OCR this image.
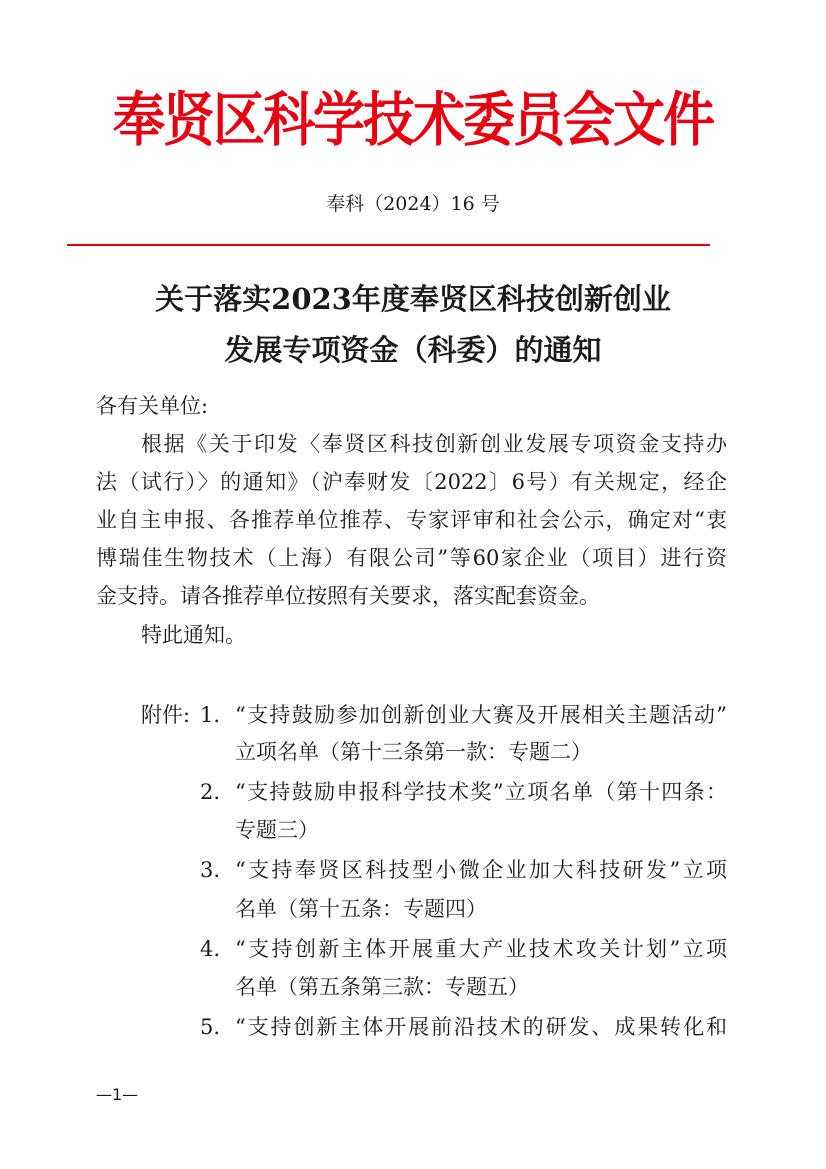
奉贤区科学技术委员会文件
奉科（2024）16 号
关于落实2023年度奉贤区科技创新创业
发展专项资金（科委）的通知
各有关单位:
根据《关于印发〈奉贤区科技创新创业发展专项资金支持办
法（试行）〉的通知》（沪奉财发〔2022〕6号）有关规定，经企
业自主申报、各推荐单位推荐、专家评审和社会公示，确定对“衷
博瑞佳生物技术（上海）有限公司”等60家企业（项目）进行资
金支持。请各推荐单位按照有关要求，落实配套资金。
特此通知。
附件: 1. “支持鼓励参加创新创业大赛及开展相关主题活动”
立项名单（第十三条第一款：专题二）
2. “支持鼓励申报科学技术奖”立项名单（第十四条：
专题三）
3. “支持奉贤区科技型小微企业加大科技研发”立项
名单（第十五条：专题四）
4. “支持创新主体开展重大产业技术攻关计划”立项
名单（第五条第三款：专题五）
5. “支持创新主体开展前沿技术的研发、成果转化和
—1—
